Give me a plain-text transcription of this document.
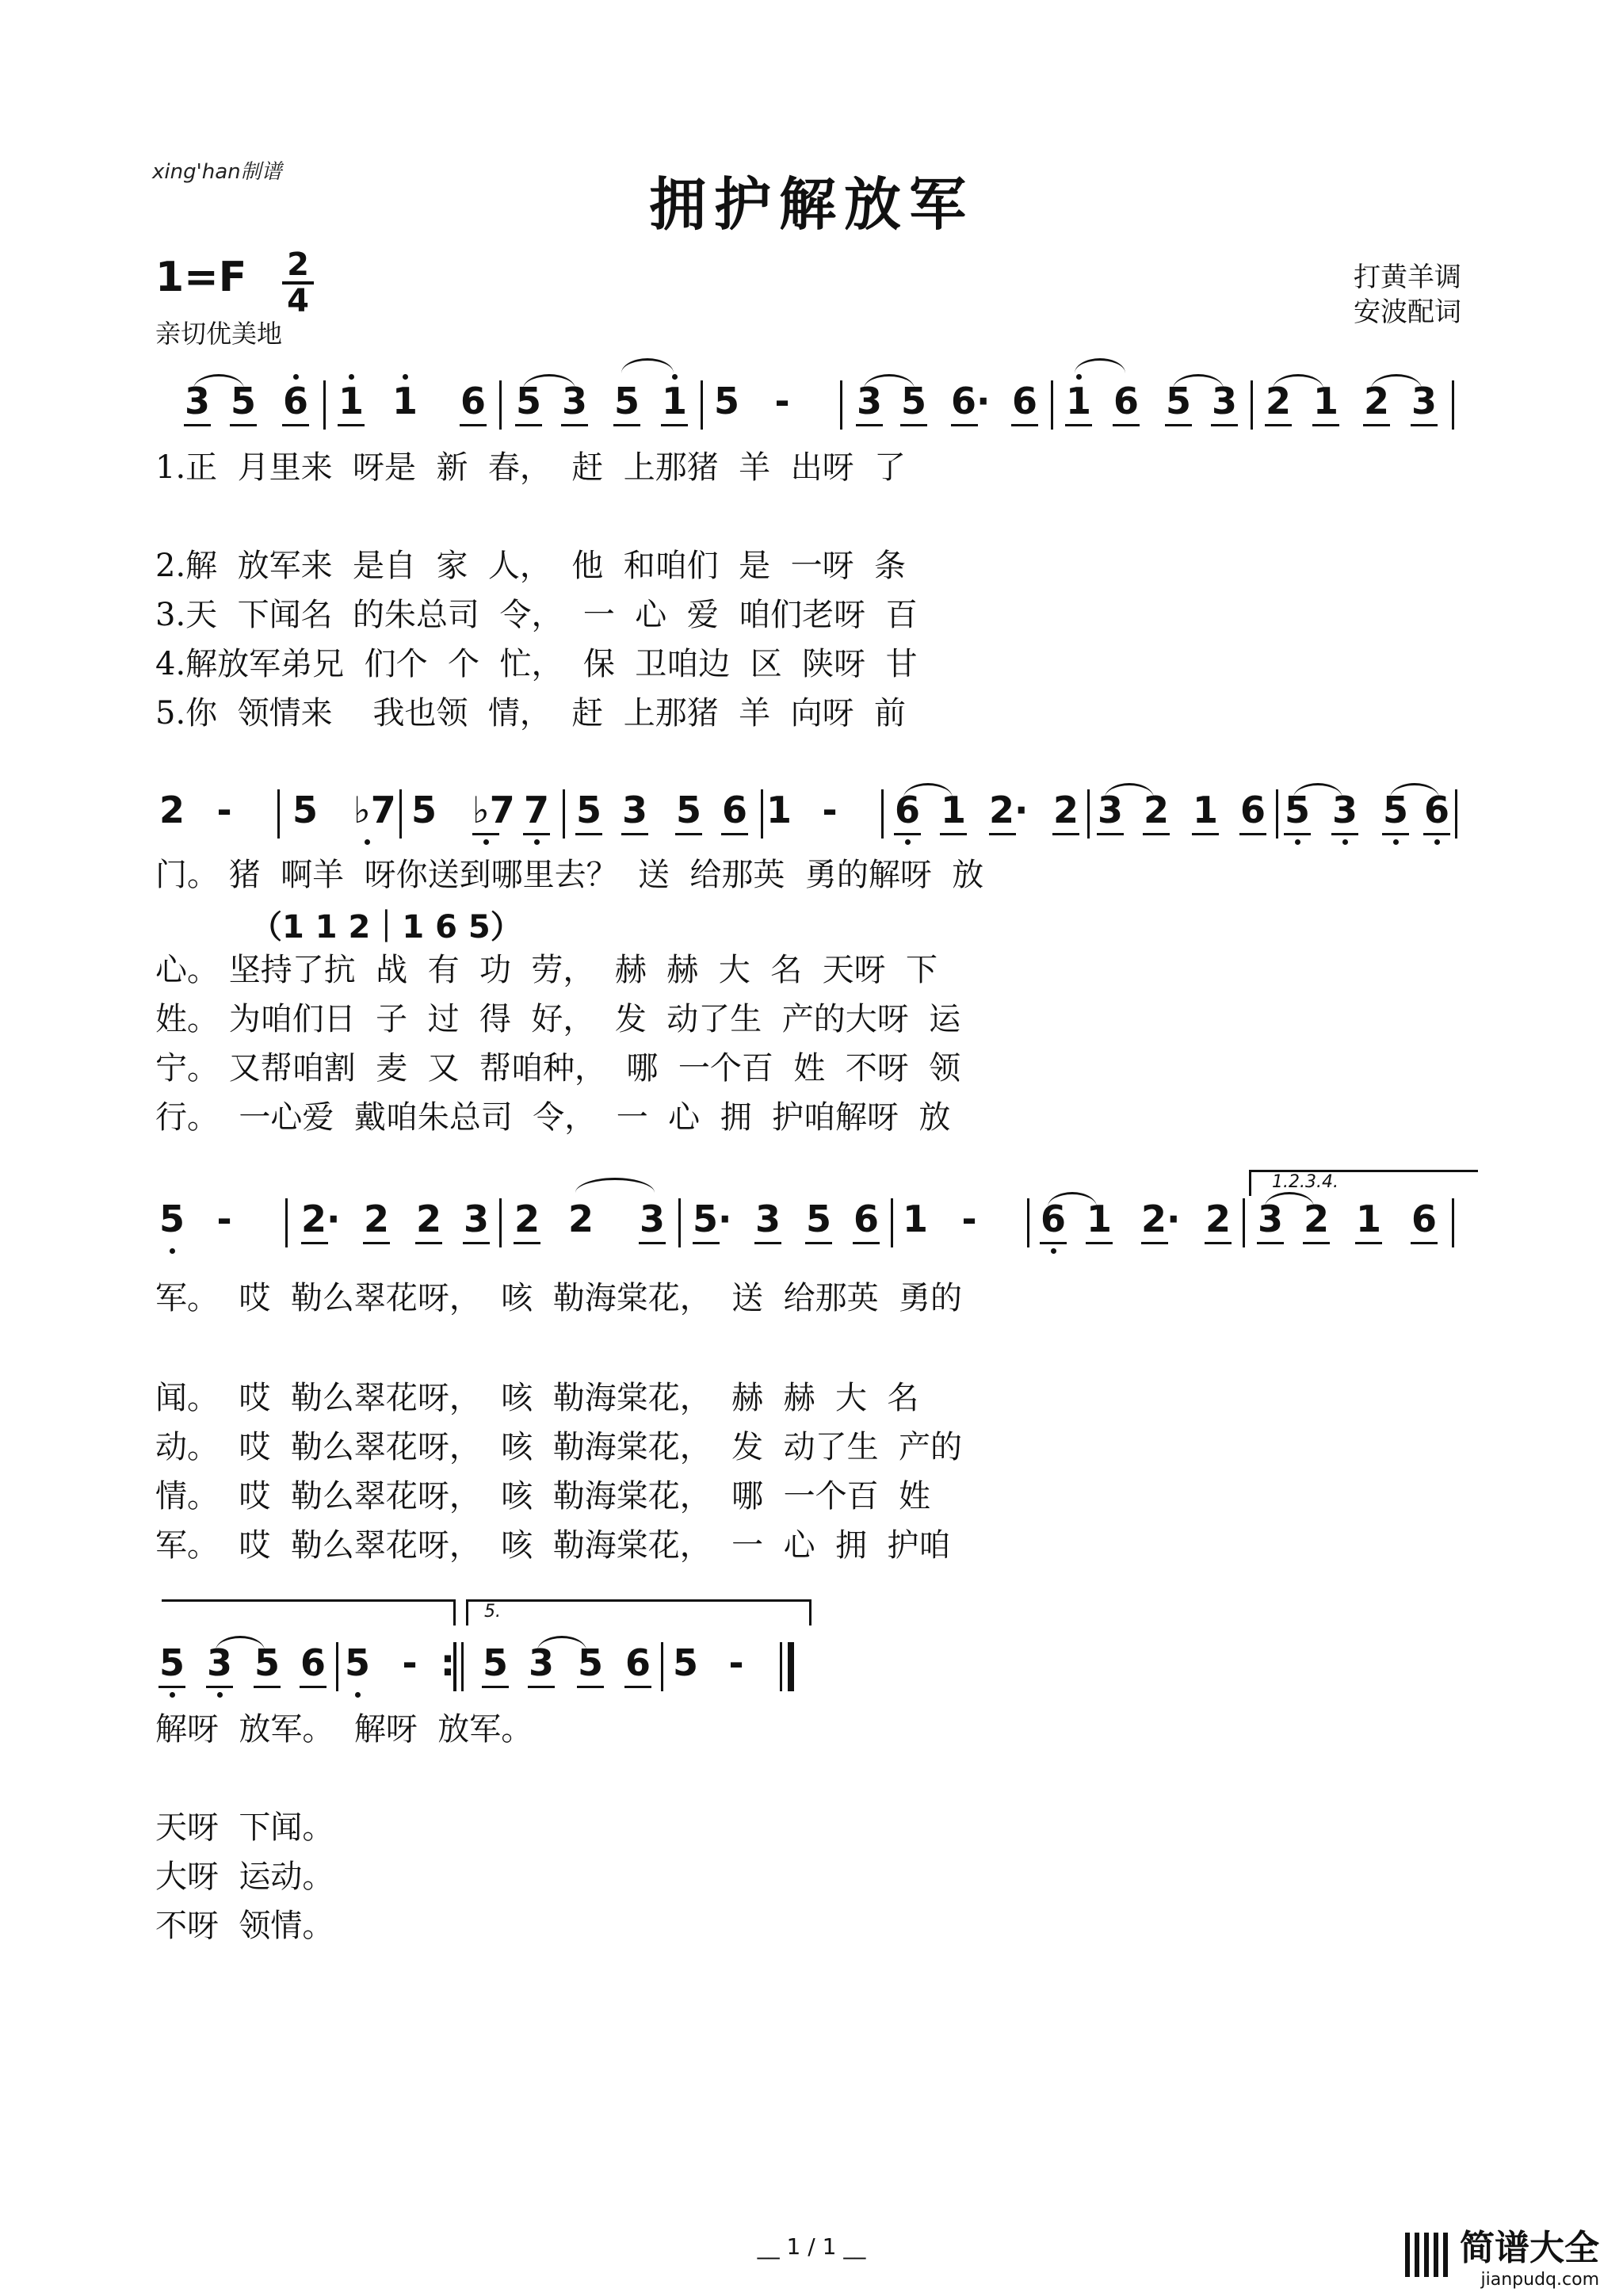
xing'han制谱	拥护解放军
1=F 2
4
亲切优美地
打黄羊调
安波配词
3 5 6 1 1 6 5 3 5 1 5 - 3 5 6· 6 1 6 5 3 2 1 2 3
1.正  月里来  呀是  新  春，  赶  上那猪  羊  出呀  了
2.解  放军来  是自  家  人，  他  和咱们  是  一呀  条
3.天  下闻名  的朱总司  令，  一  心  爱  咱们老呀  百
4.解放军弟兄  们个  个  忙，  保  卫咱边  区  陕呀  甘
5.你  领情来    我也领  情，  赶  上那猪  羊  向呀  前
2 - 5 ♭7 5 ♭7 7 5 3 5 6 1 - 6 1 2· 2 3 2 1 6 5 3 5 6
门。 猪  啊羊  呀你送到哪里去？  送  给那英  勇的解呀  放
（1 1 2｜1 6 5）
心。 坚持了抗  战  有  功  劳，  赫  赫  大  名  天呀  下
姓。 为咱们日  子  过  得  好，  发  动了生  产的大呀  运
宁。 又帮咱割  麦  又  帮咱种，  哪  一个百  姓  不呀  领
行。  一心爱  戴咱朱总司  令，  一  心  拥  护咱解呀  放
1.2.3.4.
5 - 2· 2 2 3 2 2 3 5· 3 5 6 1 - 6 1 2· 2 3 2 1 6
军。  哎  勒么翠花呀，  咳  勒海棠花，  送  给那英  勇的
闻。  哎  勒么翠花呀，  咳  勒海棠花，  赫  赫  大  名
动。  哎  勒么翠花呀，  咳  勒海棠花，  发  动了生  产的
情。  哎  勒么翠花呀，  咳  勒海棠花，  哪  一个百  姓
军。  哎  勒么翠花呀，  咳  勒海棠花，  一  心  拥  护咱
5.
5 3 5 6 5 - : 5 3 5 6 5 -
解呀  放军。  解呀  放军。
天呀  下闻。
大呀  运动。
不呀  领情。
__ 1 / 1 __
	简谱大全
jianpudq.com
